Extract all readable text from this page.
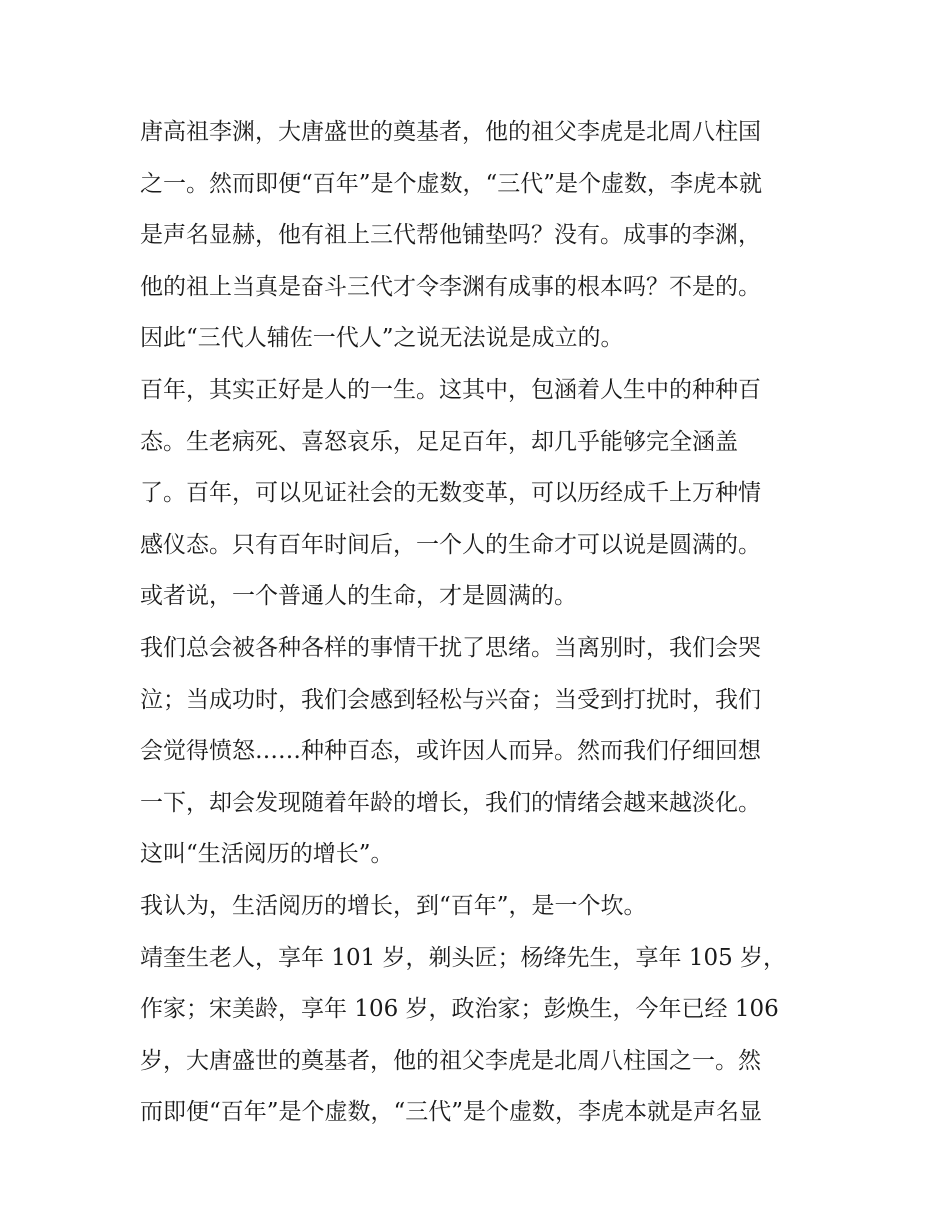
唐高祖李渊，大唐盛世的奠基者，他的祖父李虎是北周八柱国
之一。然而即便“百年”是个虚数，“三代”是个虚数，李虎本就
是声名显赫，他有祖上三代帮他铺垫吗？没有。成事的李渊，
他的祖上当真是奋斗三代才令李渊有成事的根本吗？不是的。
因此“三代人辅佐一代人”之说无法说是成立的。
百年，其实正好是人的一生。这其中，包涵着人生中的种种百
态。生老病死、喜怒哀乐，足足百年，却几乎能够完全涵盖
了。百年，可以见证社会的无数变革，可以历经成千上万种情
感仪态。只有百年时间后，一个人的生命才可以说是圆满的。
或者说，一个普通人的生命，才是圆满的。
我们总会被各种各样的事情干扰了思绪。当离别时，我们会哭
泣；当成功时，我们会感到轻松与兴奋；当受到打扰时，我们
会觉得愤怒……种种百态，或许因人而异。然而我们仔细回想
一下，却会发现随着年龄的增长，我们的情绪会越来越淡化。
这叫“生活阅历的增长”。
我认为，生活阅历的增长，到“百年”，是一个坎。
靖奎生老人，享年 101 岁，剃头匠；杨绛先生，享年 105 岁，
作家；宋美龄，享年 106 岁，政治家；彭焕生，今年已经 106
岁，大唐盛世的奠基者，他的祖父李虎是北周八柱国之一。然
而即便“百年”是个虚数，“三代”是个虚数，李虎本就是声名显
